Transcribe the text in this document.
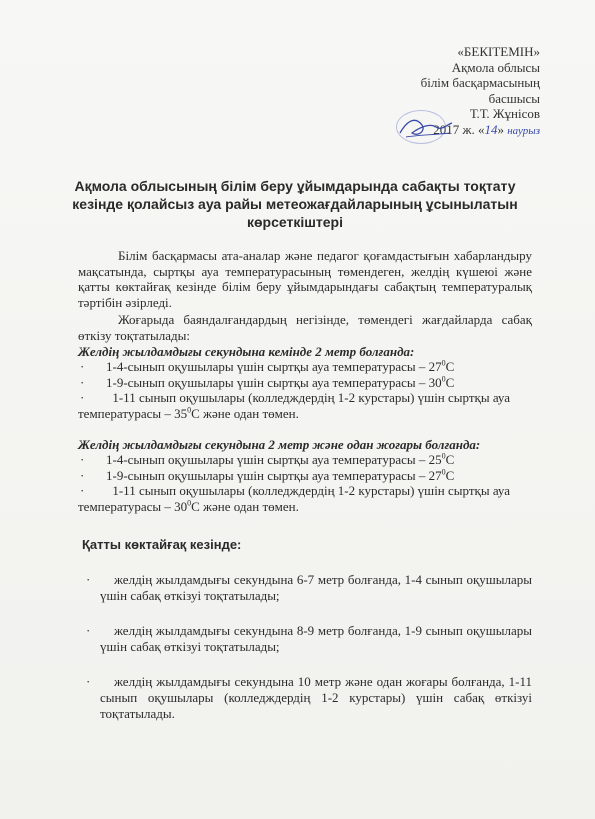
«БЕКІТЕМІН»
Ақмола облысы
білім басқармасының
басшысы
Т.Т. Жұнісов
2017 ж. «14» наурыз
Ақмола облысының білім беру ұйымдарында сабақты тоқтату кезінде қолайсыз ауа райы метеожағдайларының ұсынылатын көрсеткіштері

Білім басқармасы ата-аналар және педагог қоғамдастығын хабарландыру мақсатында, сыртқы ауа температурасының төмендеген, желдің күшеюі және қатты көктайғақ кезінде білім беру ұйымдарындағы сабақтың температуралық тәртібін әзірледі.

Жоғарыда баяндалғандардың негізінде, төмендегі жағдайларда сабақ өткізу тоқтатылады:

Желдің жылдамдығы секундына кемінде 2 метр болғанда:

· 1-4-сынып оқушылары үшін сыртқы ауа температурасы – $27^0С$

· 1-9-сынып оқушылары үшін сыртқы ауа температурасы – $30^0С$

· 1-11 сынып оқушылары (колледждердің 1-2 курстары) үшін сыртқы ауа температурасы – $35^0С$ және одан төмен.

Желдің жылдамдығы секундына 2 метр және одан жоғары болғанда:

· 1-4-сынып оқушылары үшін сыртқы ауа температурасы – $25^0С$

· 1-9-сынып оқушылары үшін сыртқы ауа температурасы – $27^0С$

· 1-11 сынып оқушылары (колледждердің 1-2 курстары) үшін сыртқы ауа температурасы – $30^0С$ және одан төмен.

Қатты көктайғақ кезінде:

· желдің жылдамдығы секундына 6-7 метр болғанда, 1-4 сынып оқушылары үшін сабақ өткізуі тоқтатылады;

· желдің жылдамдығы секундына 8-9 метр болғанда, 1-9 сынып оқушылары үшін сабақ өткізуі тоқтатылады;

· желдің жылдамдығы секундына 10 метр және одан жоғары болғанда, 1-11 сынып оқушылары (колледждердің 1-2 курстары) үшін сабақ өткізуі тоқтатылады.
